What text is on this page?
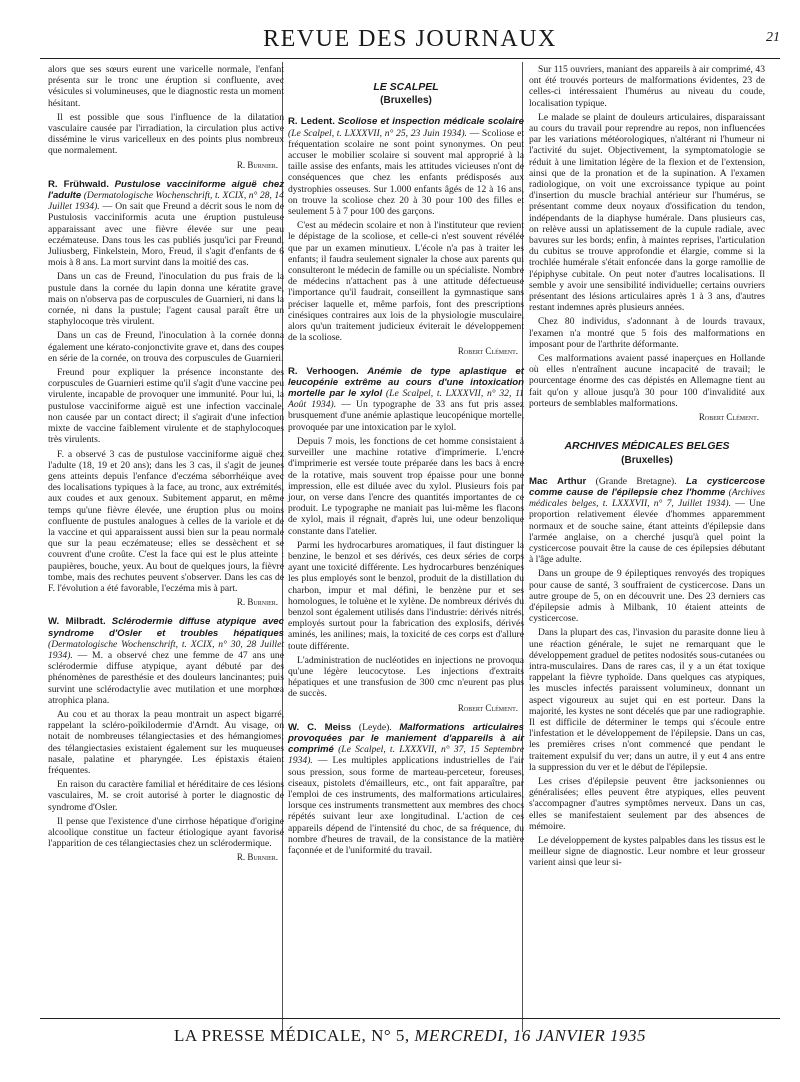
REVUE DES JOURNAUX	21

alors que ses sœurs eurent une varicelle normale, l'enfant présenta sur le tronc une éruption si confluente, avec vésicules si volumineuses, que le diagnostic resta un moment hésitant.

Il est possible que sous l'influence de la dilatation vasculaire causée par l'irradiation, la circulation plus active dissémine le virus varicelleux en des points plus nombreux que normalement.

R. Burnier.

R. Frühwald. Pustulose vacciniforme aiguë chez l'adulte (Dermatologische Wochenschrift, t. XCIX, n° 28, 14 Juillet 1934). — On sait que Freund a décrit sous le nom de Pustulosis vacciniformis acuta une éruption pustuleuse apparaissant avec une fièvre élevée sur une peau eczémateuse. Dans tous les cas publiés jusqu'ici par Freund, Juliusberg, Finkelstein, Moro, Freud, il s'agit d'enfants de 6 mois à 8 ans. La mort survint dans la moitié des cas.

Dans un cas de Freund, l'inoculation du pus frais de la pustule dans la cornée du lapin donna une kératite grave, mais on n'observa pas de corpuscules de Guarnieri, ni dans la cornée, ni dans la pustule; l'agent causal paraît être un staphylocoque très virulent.

Dans un cas de Freund, l'inoculation à la cornée donna également une kérato-conjonctivite grave et, dans des coupes en série de la cornée, on trouva des corpuscules de Guarnieri.

Freund pour expliquer la présence inconstante des corpuscules de Guarnieri estime qu'il s'agit d'une vaccine peu virulente, incapable de provoquer une immunité. Pour lui, la pustulose vacciniforme aiguë est une infection vaccinale, non causée par un contact direct; il s'agirait d'une infection mixte de vaccine faiblement virulente et de staphylocoques très virulents.

F. a observé 3 cas de pustulose vacciniforme aiguë chez l'adulte (18, 19 et 20 ans); dans les 3 cas, il s'agit de jeunes gens atteints depuis l'enfance d'eczéma séborrhéique avec des localisations typiques à la face, au tronc, aux extrémités, aux coudes et aux genoux. Subitement apparut, en même temps qu'une fièvre élevée, une éruption plus ou moins confluente de pustules analogues à celles de la variole et de la vaccine et qui apparaissent aussi bien sur la peau normale que sur la peau eczémateuse; elles se dessèchent et se couvrent d'une croûte. C'est la face qui est le plus atteinte : paupières, bouche, yeux. Au bout de quelques jours, la fièvre tombe, mais des rechutes peuvent s'observer. Dans les cas de F. l'évolution a été favorable, l'eczéma mis à part.

R. Burnier.

W. Milbradt. Sclérodermie diffuse atypique avec syndrome d'Osler et troubles hépatiques (Dermatologische Wochenschrift, t. XCIX, n° 30, 28 Juillet 1934). — M. a observé chez une femme de 47 ans une sclérodermie diffuse atypique, ayant débuté par des phénomènes de paresthésie et des douleurs lancinantes; puis survint une sclérodactylie avec mutilation et une morphœa atrophica plana.

Au cou et au thorax la peau montrait un aspect bigarré, rappelant la scléro-poïkilodermie d'Arndt. Au visage, on notait de nombreuses télangiectasies et des hémangiomes; des télangiectasies existaient également sur les muqueuses nasale, palatine et pharyngée. Les épistaxis étaient fréquentes.

En raison du caractère familial et héréditaire de ces lésions vasculaires, M. se croit autorisé à porter le diagnostic de syndrome d'Osler.

Il pense que l'existence d'une cirrhose hépatique d'origine alcoolique constitue un facteur étiologique ayant favorisé l'apparition de ces télangiectasies chez un sclérodermique.

R. Burnier.

LE SCALPEL

(Bruxelles)

R. Ledent. Scoliose et inspection médicale scolaire (Le Scalpel, t. LXXXVII, n° 25, 23 Juin 1934). — Scoliose et fréquentation scolaire ne sont point synonymes. On peut accuser le mobilier scolaire si souvent mal approprié à la taille assise des enfants, mais les attitudes vicieuses n'ont de conséquences que chez les enfants prédisposés aux dystrophies osseuses. Sur 1.000 enfants âgés de 12 à 16 ans, on trouve la scoliose chez 20 à 30 pour 100 des filles et seulement 5 à 7 pour 100 des garçons.

C'est au médecin scolaire et non à l'instituteur que revient le dépistage de la scoliose, et celle-ci n'est souvent révélée que par un examen minutieux. L'école n'a pas à traiter les enfants; il faudra seulement signaler la chose aux parents qui consulteront le médecin de famille ou un spécialiste. Nombre de médecins n'attachent pas à une attitude défectueuse l'importance qu'il faudrait, conseillent la gymnastique sans préciser laquelle et, même parfois, font des prescriptions cinésiques contraires aux lois de la physiologie musculaire, alors qu'un traitement judicieux éviterait le développement de la scoliose.

Robert Clément.

R. Verhoogen. Anémie de type aplastique et leucopénie extrême au cours d'une intoxication mortelle par le xylol (Le Scalpel, t. LXXXVII, n° 32, 11 Août 1934). — Un typographe de 33 ans fut pris assez brusquement d'une anémie aplastique leucopénique mortelle, provoquée par une intoxication par le xylol.

Depuis 7 mois, les fonctions de cet homme consistaient à surveiller une machine rotative d'imprimerie. L'encre d'imprimerie est versée toute préparée dans les bacs à encre de la rotative, mais souvent trop épaisse pour une bonne impression, elle est diluée avec du xylol. Plusieurs fois par jour, on verse dans l'encre des quantités importantes de ce produit. Le typographe ne maniait pas lui-même les flacons de xylol, mais il régnait, d'après lui, une odeur benzolique constante dans l'atelier.

Parmi les hydrocarbures aromatiques, il faut distinguer la benzine, le benzol et ses dérivés, ces deux séries de corps ayant une toxicité différente. Les hydrocarbures benzéniques les plus employés sont le benzol, produit de la distillation du charbon, impur et mal défini, le benzène pur et ses homologues, le toluène et le xylène. De nombreux dérivés du benzol sont également utilisés dans l'industrie: dérivés nitrés, employés surtout pour la fabrication des explosifs, dérivés aminés, les anilines; mais, la toxicité de ces corps est d'allure toute différente.

L'administration de nucléotides en injections ne provoqua qu'une légère leucocytose. Les injections d'extraits hépatiques et une transfusion de 300 cmc n'eurent pas plus de succès.

Robert Clément.

W. C. Meiss (Leyde). Malformations articulaires provoquées par le maniement d'appareils à air comprimé (Le Scalpel, t. LXXXVII, n° 37, 15 Septembre 1934). — Les multiples applications industrielles de l'air sous pression, sous forme de marteau-perceteur, foreuses, ciseaux, pistolets d'émailleurs, etc., ont fait apparaître, par l'emploi de ces instruments, des malformations articulaires, lorsque ces instruments transmettent aux membres des chocs répétés suivant leur axe longitudinal. L'action de ces appareils dépend de l'intensité du choc, de sa fréquence, du nombre d'heures de travail, de la consistance de la matière façonnée et de l'uniformité du travail.

Sur 115 ouvriers, maniant des appareils à air comprimé, 43 ont été trouvés porteurs de malformations évidentes, 23 de celles-ci intéressaient l'humérus au niveau du coude, localisation typique.

Le malade se plaint de douleurs articulaires, disparaissant au cours du travail pour reprendre au repos, non influencées par les variations météorologiques, n'altérant ni l'humeur ni l'activité du sujet. Objectivement, la symptomatologie se réduit à une limitation légère de la flexion et de l'extension, ainsi que de la pronation et de la supination. A l'examen radiologique, on voit une excroissance typique au point d'insertion du muscle brachial antérieur sur l'humérus, se présentant comme deux noyaux d'ossification du tendon, indépendants de la diaphyse humérale. Dans plusieurs cas, on relève aussi un aplatissement de la cupule radiale, avec bavures sur les bords; enfin, à maintes reprises, l'articulation du cubitus se trouve approfondie et élargie, comme si la trochlée humérale s'était enfoncée dans la gorge ramollie de l'épiphyse cubitale. On peut noter d'autres localisations. Il semble y avoir une sensibilité individuelle; certains ouvriers présentant des lésions articulaires après 1 à 3 ans, d'autres restant indemnes après plusieurs années.

Chez 80 individus, s'adonnant à de lourds travaux, l'examen n'a montré que 5 fois des malformations en imposant pour de l'arthrite déformante.

Ces malformations avaient passé inaperçues en Hollande où elles n'entraînent aucune incapacité de travail; le pourcentage énorme des cas dépistés en Allemagne tient au fait qu'on y alloue jusqu'à 30 pour 100 d'invalidité aux porteurs de semblables malformations.

Robert Clément.

ARCHIVES MÉDICALES BELGES

(Bruxelles)

Mac Arthur (Grande Bretagne). La cysticercose comme cause de l'épilepsie chez l'homme (Archives médicales belges, t. LXXXVII, n° 7, Juillet 1934). — Une proportion relativement élevée d'hommes apparemment normaux et de souche saine, étant atteints d'épilepsie dans l'armée anglaise, on a cherché jusqu'à quel point la cysticercose pouvait être la cause de ces épilepsies débutant à l'âge adulte.

Dans un groupe de 9 épileptiques renvoyés des tropiques pour cause de santé, 3 souffraient de cysticercose. Dans un autre groupe de 5, on en découvrit une. Des 23 derniers cas d'épilepsie admis à Milbank, 10 étaient atteints de cysticercose.

Dans la plupart des cas, l'invasion du parasite donne lieu à une réaction générale, le sujet ne remarquant que le développement graduel de petites nodosités sous-cutanées ou intra-musculaires. Dans de rares cas, il y a un état toxique rappelant la fièvre typhoïde. Dans quelques cas atypiques, les muscles infectés paraissent volumineux, donnant un aspect vigoureux au sujet qui en est porteur. Dans la majorité, les kystes ne sont décelés que par une radiographie. Il est difficile de déterminer le temps qui s'écoule entre l'infestation et le développement de l'épilepsie. Dans un cas, les premières crises n'ont commencé que pendant le traitement expulsif du ver; dans un autre, il y eut 4 ans entre la suppression du ver et le début de l'épilepsie.

Les crises d'épilepsie peuvent être jacksoniennes ou généralisées; elles peuvent être atypiques, elles peuvent s'accompagner d'autres symptômes nerveux. Dans un cas, elles se manifestaient seulement par des absences de mémoire.

Le développement de kystes palpables dans les tissus est le meilleur signe de diagnostic. Leur nombre et leur grosseur varient ainsi que leur si-

LA PRESSE MÉDICALE, N° 5, MERCREDI, 16 JANVIER 1935
